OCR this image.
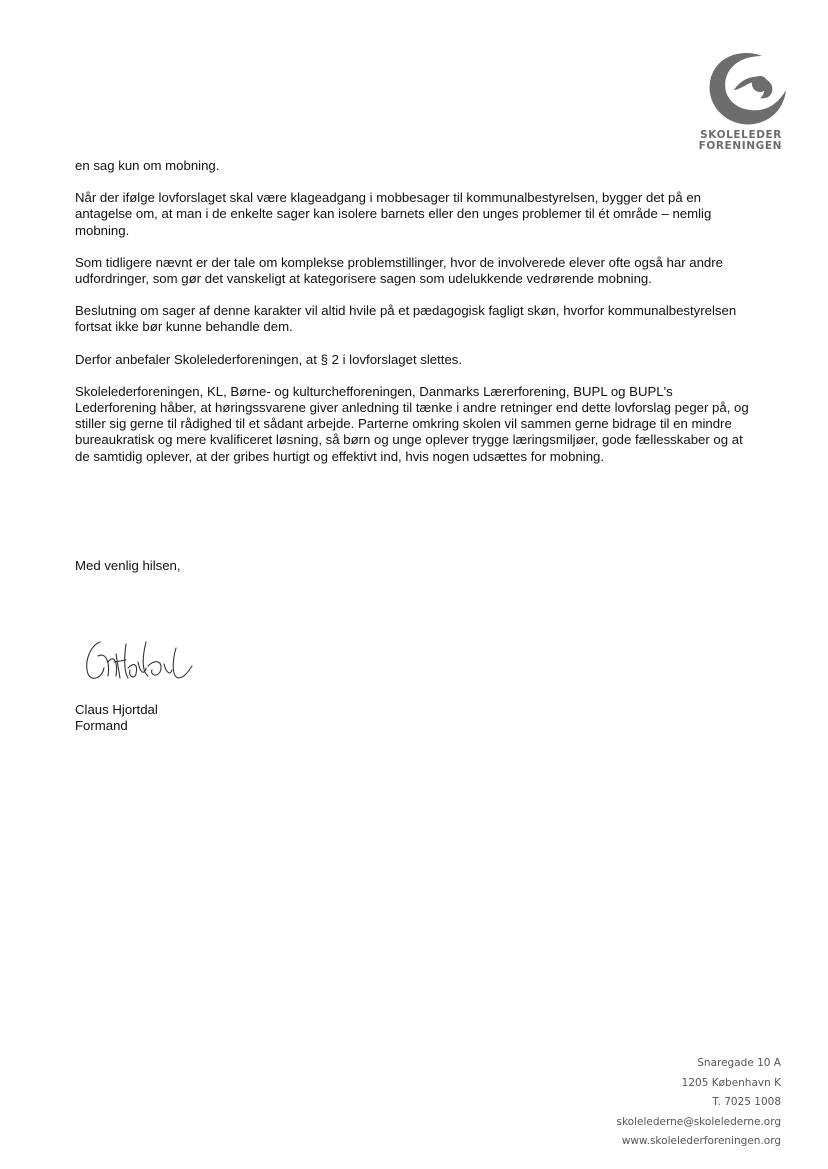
SKOLELEDER
FORENINGEN

en sag kun om mobning.

Når der ifølge lovforslaget skal være klageadgang i mobbesager til kommunalbestyrelsen, bygger det på en antagelse om, at man i de enkelte sager kan isolere barnets eller den unges problemer til ét område – nemlig mobning.

Som tidligere nævnt er der tale om komplekse problemstillinger, hvor de involverede elever ofte også har andre udfordringer, som gør det vanskeligt at kategorisere sagen som udelukkende vedrørende mobning.

Beslutning om sager af denne karakter vil altid hvile på et pædagogisk fagligt skøn, hvorfor kommunalbestyrelsen fortsat ikke bør kunne behandle dem.

Derfor anbefaler Skolelederforeningen, at § 2 i lovforslaget slettes.

Skolelederforeningen, KL, Børne- og kulturchefforeningen, Danmarks Lærerforening, BUPL og BUPL's Lederforening håber, at høringssvarene giver anledning til tænke i andre retninger end dette lovforslag peger på, og stiller sig gerne til rådighed til et sådant arbejde. Parterne omkring skolen vil sammen gerne bidrage til en mindre bureaukratisk og mere kvalificeret løsning, så børn og unge oplever trygge læringsmiljøer, gode fællesskaber og at de samtidig oplever, at der gribes hurtigt og effektivt ind, hvis nogen udsættes for mobning.

Med venlig hilsen,

Claus Hjortdal
Formand
Snaregade 10 A
1205 København K
T. 7025 1008
skolelederne@skolelederne.org
www.skolelederforeningen.org
